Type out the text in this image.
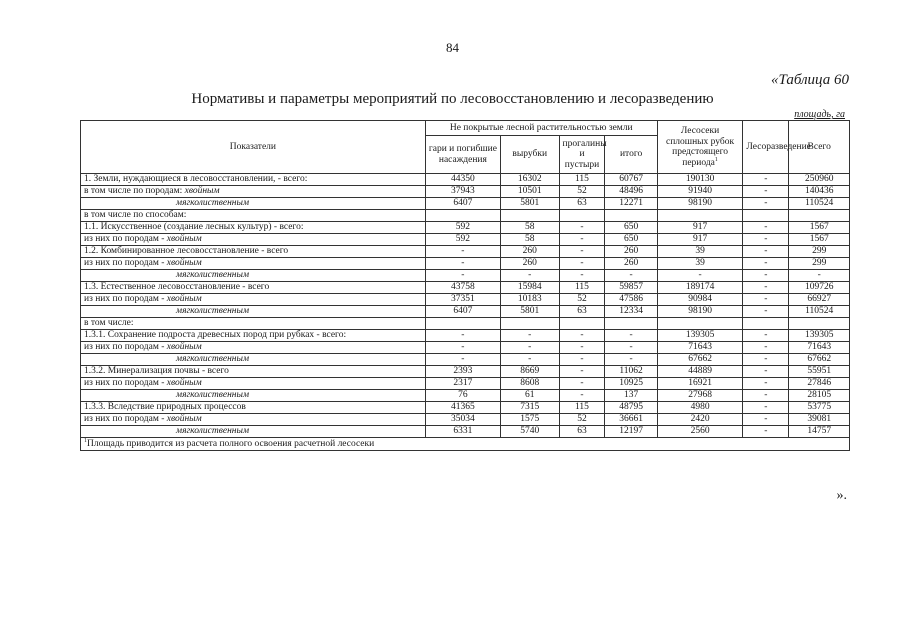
84
«Таблица 60
Нормативы и параметры мероприятий по лесовосстановлению и лесоразведению
площадь, га
Показатели	Не покрытые лесной растительностью земли				Лесосеки сплошных рубок предстоящего периода$^1$	Лесоразведение	Всего
	гари и погибшие насаждения	вырубки	прогалины и пустыри	итого			
1. Земли, нуждающиеся в лесовосстановлении, - всего:	44350	16302	115	60767	190130	-	250960
в том числе по породам: хвойным	37943	10501	52	48496	91940	-	140436
мягколиственным	6407	5801	63	12271	98190	-	110524
в том числе по способам:							
1.1. Искусственное (создание лесных культур) - всего:	592	58	-	650	917	-	1567
из них по породам - хвойным	592	58	-	650	917	-	1567
1.2. Комбинированное лесовосстановление - всего	-	260	-	260	39	-	299
из них по породам - хвойным	-	260	-	260	39	-	299
мягколиственным	-	-	-	-	-	-	-
1.3. Естественное лесовосстановление - всего	43758	15984	115	59857	189174	-	109726
из них по породам - хвойным	37351	10183	52	47586	90984	-	66927
мягколиственным	6407	5801	63	12334	98190	-	110524
в том числе:							
1.3.1. Сохранение подроста древесных пород при рубках - всего:	-	-	-	-	139305	-	139305
из них по породам - хвойным	-	-	-	-	71643	-	71643
мягколиственным	-	-	-	-	67662	-	67662
1.3.2. Минерализация почвы - всего	2393	8669	-	11062	44889	-	55951
из них по породам - хвойным	2317	8608	-	10925	16921	-	27846
мягколиственным	76	61	-	137	27968	-	28105
1.3.3. Вследствие природных процессов	41365	7315	115	48795	4980	-	53775
из них по породам - хвойным	35034	1575	52	36661	2420	-	39081
мягколиственным	6331	5740	63	12197	2560	-	14757
$^1$Площадь приводится из расчета полного освоения расчетной лесосеки							
».
